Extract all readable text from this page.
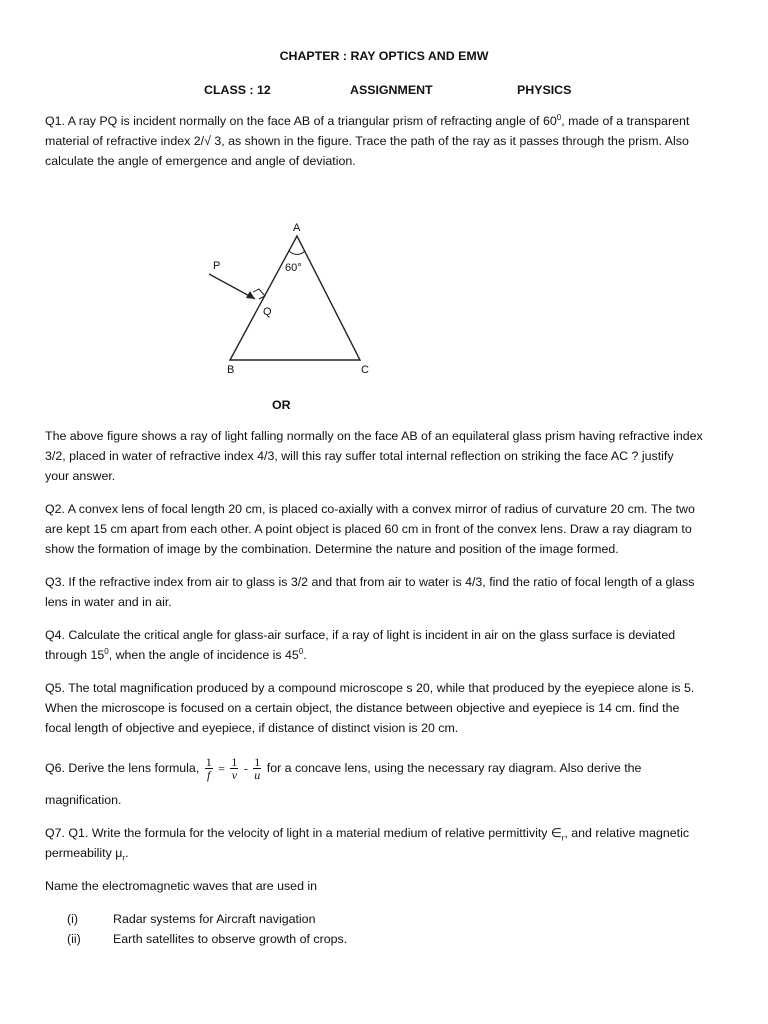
CHAPTER : RAY OPTICS AND EMW
CLASS : 12	ASSIGNMENT	PHYSICS

Q1. A ray PQ is incident normally on the face AB of a triangular prism of refracting angle of $60^0$, made of a transparent

material of refractive index 2/√ 3, as shown in the figure. Trace the path of the ray as it passes through the prism. Also

calculate the angle of emergence and angle of deviation.

A
60°
P
Q
B	C
OR

The above figure shows a ray of light falling normally on the face AB of an equilateral glass prism having refractive index

3/2, placed in water of refractive index 4/3, will this ray suffer total internal reflection on striking the face AC ? justify

your answer.

Q2. A convex lens of focal length 20 cm, is placed co-axially with a convex mirror of radius of curvature 20 cm. The two

are kept 15 cm apart from each other. A point object is placed 60 cm in front of the convex lens. Draw a ray diagram to

show the formation of image by the combination. Determine the nature and position of the image formed.

Q3. If the refractive index from air to glass is 3/2 and that from air to water is 4/3, find the ratio of focal length of a glass

lens in water and in air.

Q4. Calculate the critical angle for glass-air surface, if a ray of light is incident in air on the glass surface is deviated

through $15^0$, when the angle of incidence is $45^0$.

Q5. The total magnification produced by a compound microscope s 20, while that produced by the eyepiece alone is 5.

When the microscope is focused on a certain object, the distance between objective and eyepiece is 14 cm. find the

focal length of objective and eyepiece, if distance of distinct vision is 20 cm.

Q6. Derive the lens formula, $\frac{1}{f} = \frac{1}{v} - \frac{1}{u}$ for a concave lens, using the necessary ray diagram. Also derive the

magnification.

Q7. Q1. Write the formula for the velocity of light in a material medium of relative permittivity $\in_r$, and relative magnetic

permeability $\mu_r$.

Name the electromagnetic waves that are used in
(i)	Radar systems for Aircraft navigation
(ii)	Earth satellites to observe growth of crops.
